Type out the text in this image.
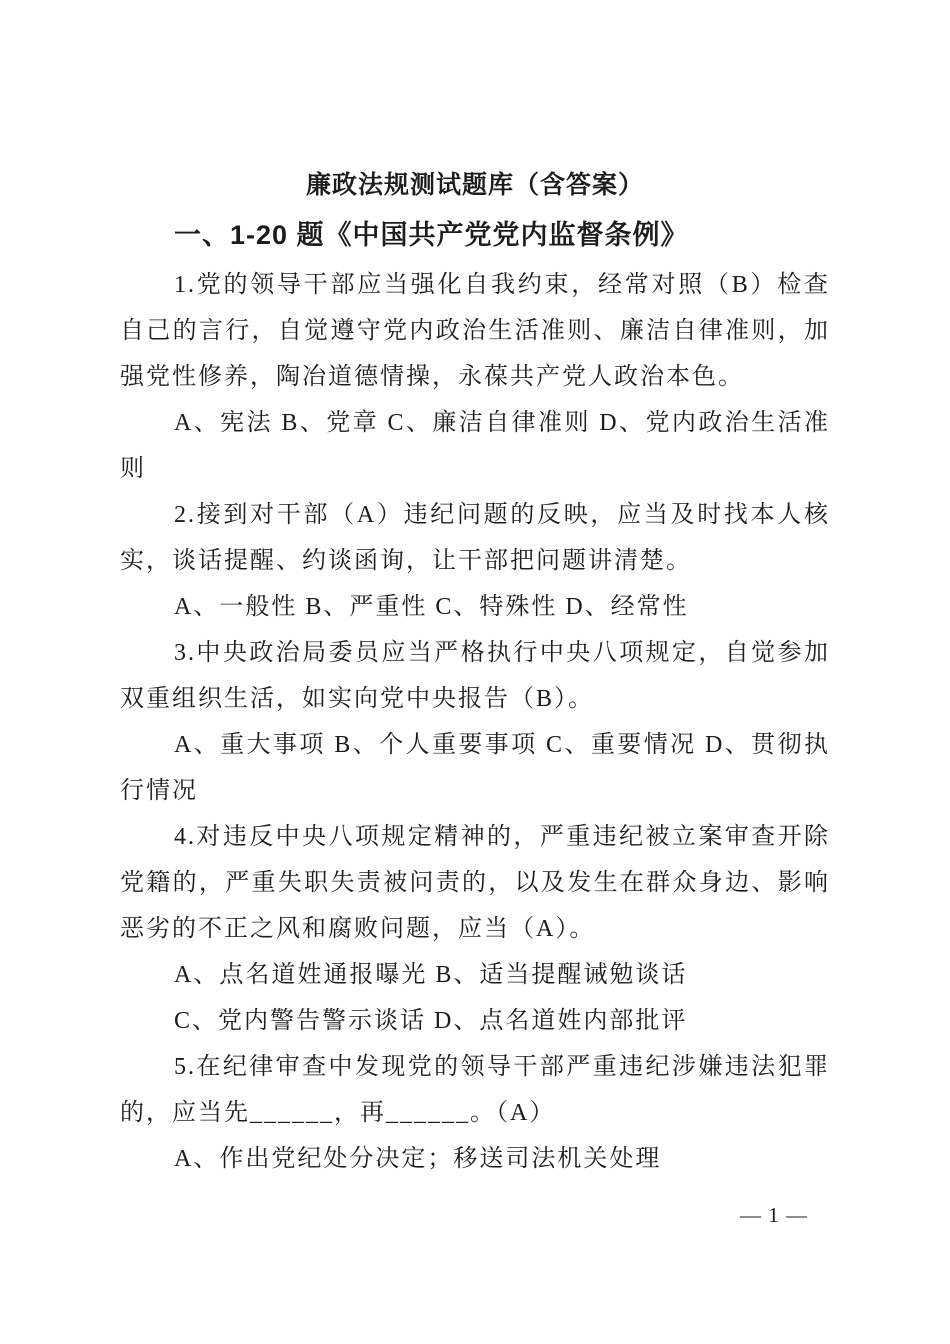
廉政法规测试题库（含答案）
一、1-20 题《中国共产党党内监督条例》

1.党的领导干部应当强化自我约束，经常对照（B）检查自己的言行，自觉遵守党内政治生活准则、廉洁自律准则，加强党性修养，陶冶道德情操，永葆共产党人政治本色。

A、宪法 B、党章 C、廉洁自律准则 D、党内政治生活准则

2.接到对干部（A）违纪问题的反映，应当及时找本人核实，谈话提醒、约谈函询，让干部把问题讲清楚。

A、一般性 B、严重性 C、特殊性 D、经常性

3.中央政治局委员应当严格执行中央八项规定，自觉参加双重组织生活，如实向党中央报告（B）。

A、重大事项 B、个人重要事项 C、重要情况 D、贯彻执行情况

4.对违反中央八项规定精神的，严重违纪被立案审查开除党籍的，严重失职失责被问责的，以及发生在群众身边、影响恶劣的不正之风和腐败问题，应当（A）。

A、点名道姓通报曝光 B、适当提醒诫勉谈话

C、党内警告警示谈话 D、点名道姓内部批评

5.在纪律审查中发现党的领导干部严重违纪涉嫌违法犯罪的，应当先______，再______。（A）

A、作出党纪处分决定；移送司法机关处理

— 1 —
